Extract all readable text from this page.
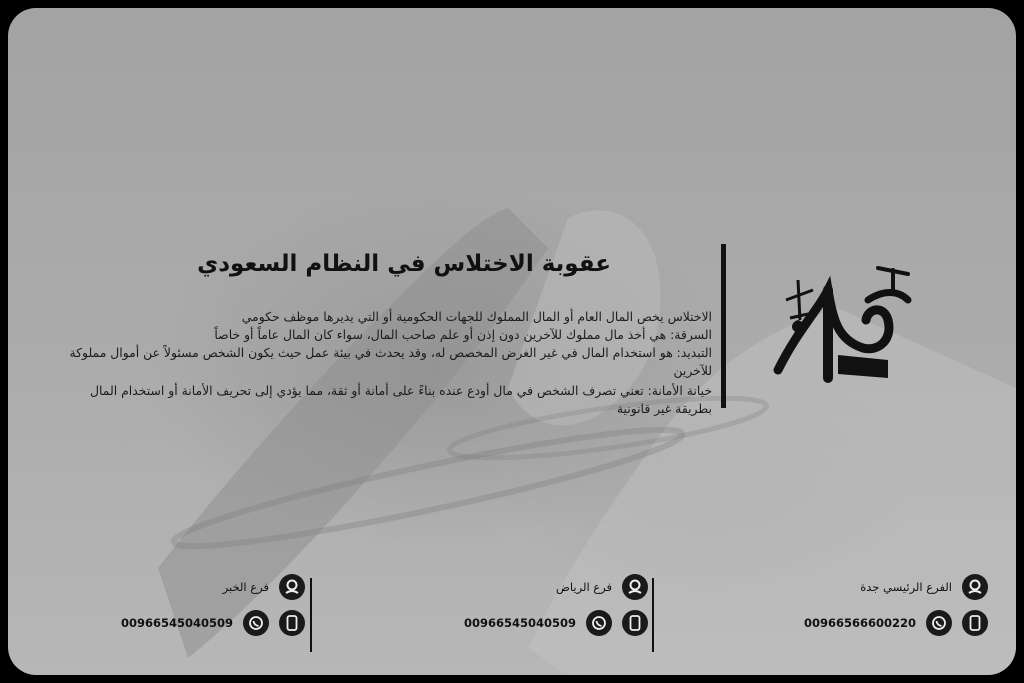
عقوبة الاختلاس في النظام السعودي

الاختلاس يخص المال العام أو المال المملوك للجهات الحكومية أو التي يديرها موظف حكومي

السرقة: هي أخذ مال مملوك للآخرين دون إذن أو علم صاحب المال، سواء كان المال عاماً أو خاصاً

التبديد: هو استخدام المال في غير الغرض المخصص له، وقد يحدث في بيئة عمل حيث يكون الشخص مسئولاً عن أموال مملوكة للآخرين

خيانة الأمانة: تعني تصرف الشخص في مال أودع عنده بناءً على أمانة أو ثقة، مما يؤدي إلى تحريف الأمانة أو استخدام المال بطريقة غير قانونية

الفرع الرئيسي جدة
00966566600220
فرع الرياض
00966545040509
فرع الخبر
00966545040509
